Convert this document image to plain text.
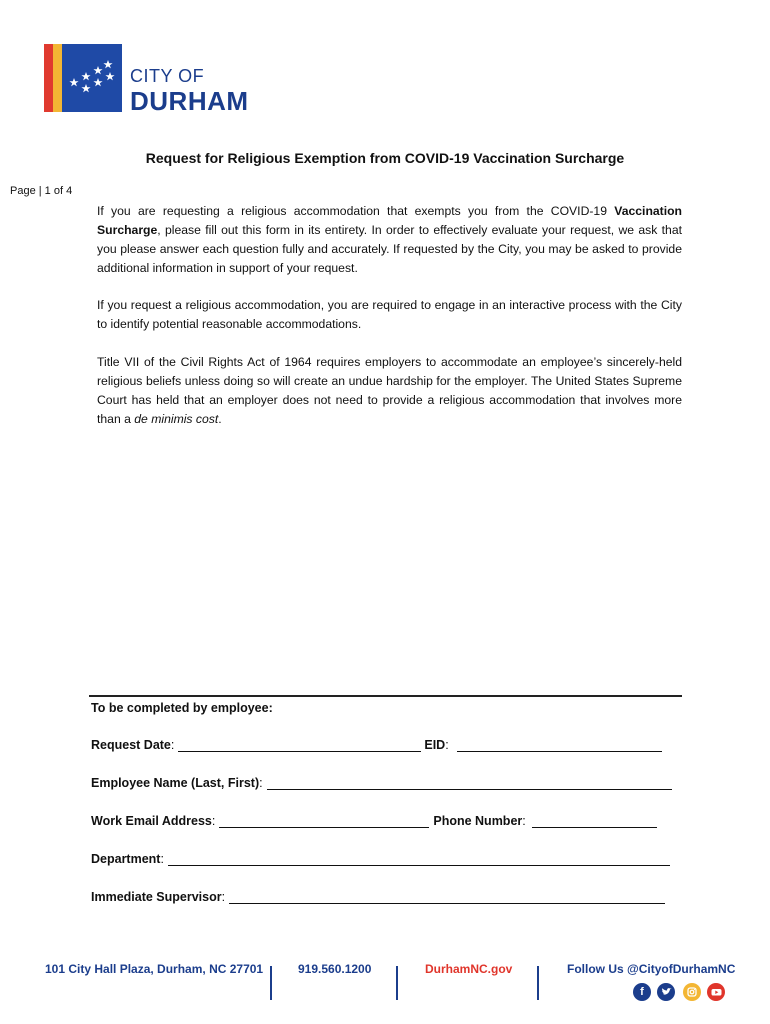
CITY OF
DURHAM
Request for Religious Exemption from COVID-19 Vaccination Surcharge
Page | 1 of 4
If you are requesting a religious accommodation that exempts you from the COVID-19 Vaccination Surcharge, please fill out this form in its entirety. In order to effectively evaluate your request, we ask that you please answer each question fully and accurately. If requested by the City, you may be asked to provide additional information in support of your request.
If you request a religious accommodation, you are required to engage in an interactive process with the City to identify potential reasonable accommodations.
Title VII of the Civil Rights Act of 1964 requires employers to accommodate an employee’s sincerely-held religious beliefs unless doing so will create an undue hardship for the employer. The United States Supreme Court has held that an employer does not need to provide a religious accommodation that involves more than a de minimis cost.
To be completed by employee:
Request Date :	EID :
Employee Name (Last, First) :
Work Email Address :	Phone Number :
Department :
Immediate Supervisor :
101 City Hall Plaza, Durham, NC 27701	919.560.1200	DurhamNC.gov	Follow Us @CityofDurhamNC
f
